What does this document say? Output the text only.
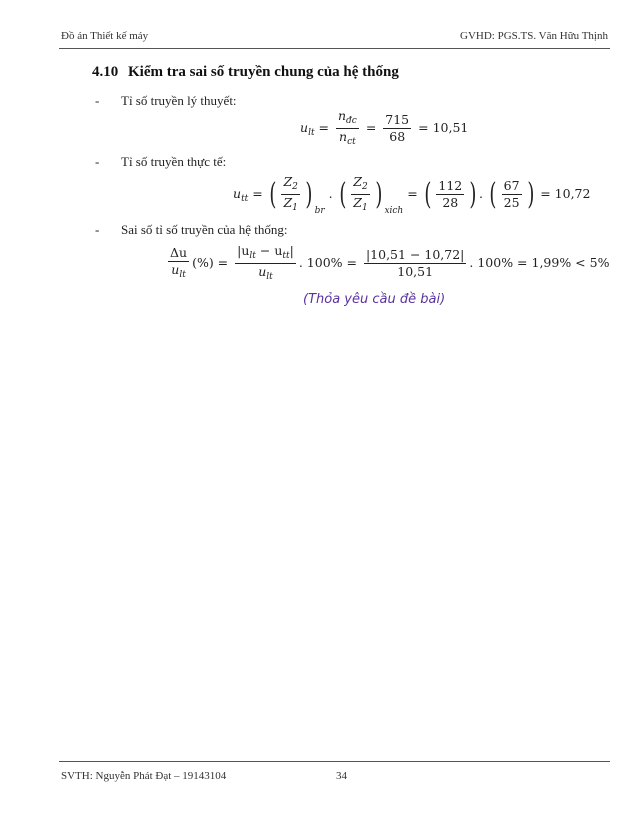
Đồ án Thiết kế máy	GVHD: PGS.TS. Văn Hữu Thịnh
4.10 Kiểm tra sai số truyền chung của hệ thống
- Tỉ số truyền lý thuyết:
$u_{lt} = \frac{n_{đc}}{n_{ct}} = \frac{715}{68} = 10,51$
- Tỉ số truyền thực tế:
$u_{tt}$ = ( $\frac{Z_2}{Z_1}$ ) br
. ( $\frac{Z_2}{Z_1}$ ) xich
= ( $\frac{112}{28}$ ) . ( $\frac{67}{25}$ ) = 10,72
- Sai số tỉ số truyền của hệ thống:
$\frac{\Delta u}{u_{lt}}$ (%) = $\frac{|u_{lt} - u_{tt}|}{u_{lt}}$ . $100\% = \frac{|10,51 - 10,72|}{10,51}$ . 100% = 1,99% < 5%
(Thỏa yêu cầu đề bài)
SVTH: Nguyễn Phát Đạt – 19143104	34
